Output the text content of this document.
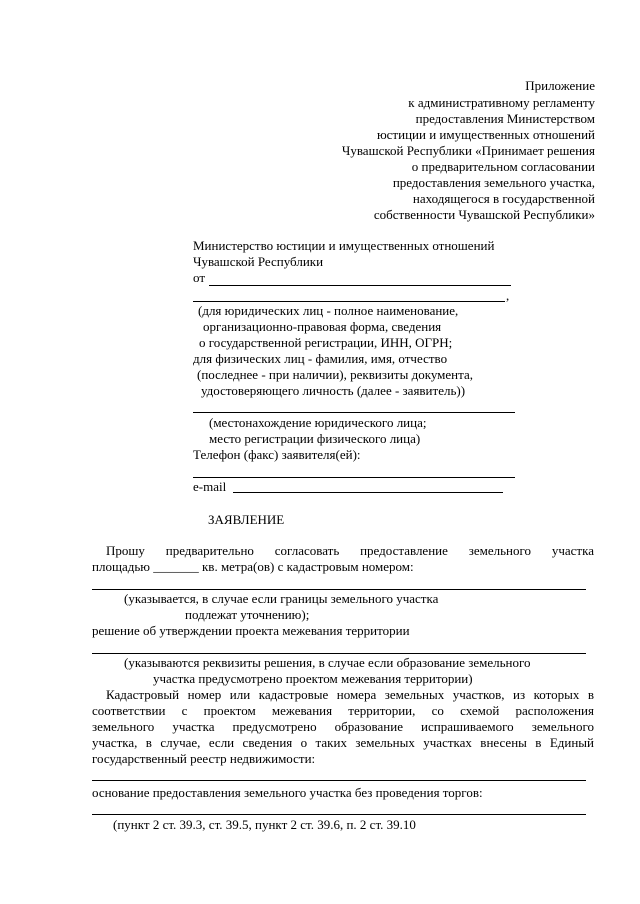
Приложение
к административному регламенту
предоставления Министерством
юстиции и имущественных отношений
Чувашской Республики «Принимает решения
о предварительном согласовании
предоставления земельного участка,
находящегося в государственной
собственности Чувашской Республики»
Министерство юстиции и имущественных отношений
Чувашской Республики
от
,
(для юридических лиц - полное наименование,
организационно-правовая форма, сведения
о государственной регистрации, ИНН, ОГРН;
для физических лиц - фамилия, имя, отчество
(последнее - при наличии), реквизиты документа,
удостоверяющего личность (далее - заявитель))
(местонахождение юридического лица;
место регистрации физического лица)
Телефон (факс) заявителя(ей):
e-mail
ЗАЯВЛЕНИЕ
Прошу предварительно согласовать предоставление земельного участка
площадью _______ кв. метра(ов) с кадастровым номером:
(указывается, в случае если границы земельного участка
подлежат уточнению);
решение об утверждении проекта межевания территории
(указываются реквизиты решения, в случае если образование земельного
участка предусмотрено проектом межевания территории)
Кадастровый номер или кадастровые номера земельных участков, из которых в
соответствии с проектом межевания территории, со схемой расположения
земельного участка предусмотрено образование испрашиваемого земельного
участка, в случае, если сведения о таких земельных участках внесены в Единый
государственный реестр недвижимости:
основание предоставления земельного участка без проведения торгов:
(пункт 2 ст. 39.3, ст. 39.5, пункт 2 ст. 39.6, п. 2 ст. 39.10
